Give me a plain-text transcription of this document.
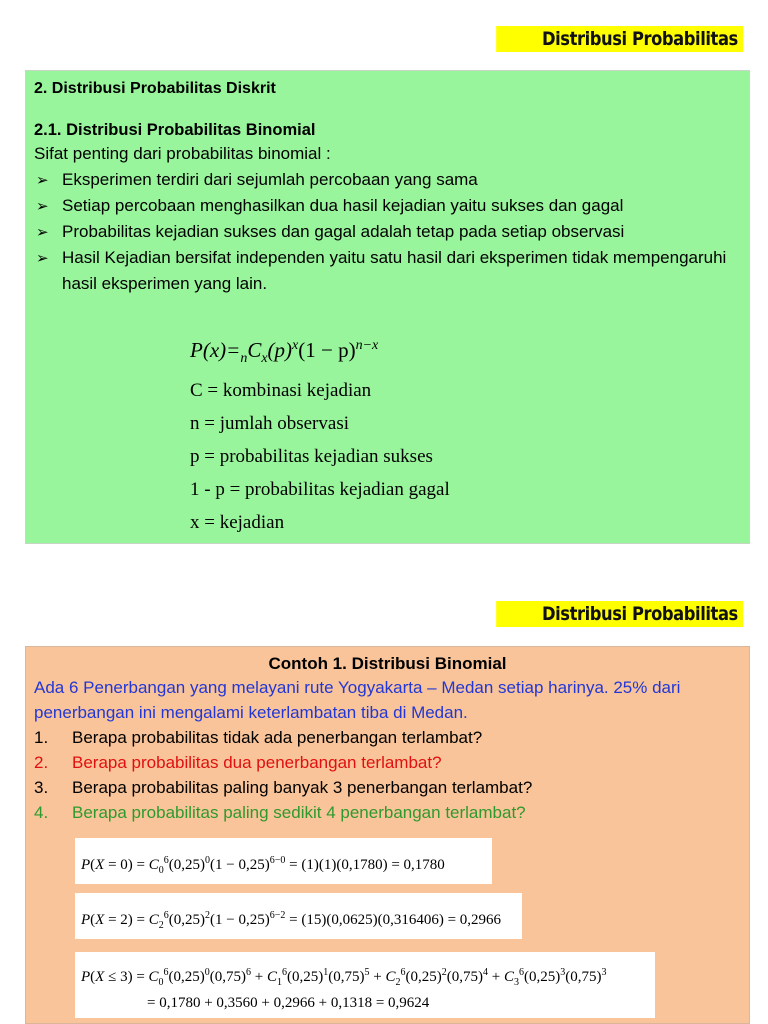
Distribusi Probabilitas
2. Distribusi Probabilitas Diskrit
2.1. Distribusi Probabilitas Binomial
Sifat penting dari probabilitas binomial :
➢ Eksperimen terdiri dari sejumlah percobaan yang sama
➢ Setiap percobaan menghasilkan dua hasil kejadian yaitu sukses dan gagal
➢ Probabilitas kejadian sukses dan gagal adalah tetap pada setiap observasi
➢ Hasil Kejadian bersifat independen yaitu satu hasil dari eksperimen tidak mempengaruhi hasil eksperimen yang lain.
$P(x)=_nC_x(p)^x(1 - p)^{n-x}$
C = kombinasi kejadian
n = jumlah observasi
p = probabilitas kejadian sukses
1 - p = probabilitas kejadian gagal
x = kejadian
Distribusi Probabilitas
Contoh 1. Distribusi Binomial
Ada 6 Penerbangan yang melayani rute Yogyakarta – Medan setiap harinya. 25% dari penerbangan ini mengalami keterlambatan tiba di Medan.
1. Berapa probabilitas tidak ada penerbangan terlambat?
2. Berapa probabilitas dua penerbangan terlambat?
3. Berapa probabilitas paling banyak 3 penerbangan terlambat?
4. Berapa probabilitas paling sedikit 4 penerbangan terlambat?
$P(X = 0) = C_0^6(0,25)^0(1 - 0,25)^{6-0} = (1)(1)(0,1780) = 0,1780$
$P(X = 2) = C_2^6(0,25)^2(1 - 0,25)^{6-2} = (15)(0,0625)(0,316406) = 0,2966$
$P(X \le 3) = C_0^6(0,25)^0(0,75)^6 + C_1^6(0,25)^1(0,75)^5 + C_2^6(0,25)^2(0,75)^4 + C_3^6(0,25)^3(0,75)^3$
= 0,1780 + 0,3560 + 0,2966 + 0,1318 = 0,9624
